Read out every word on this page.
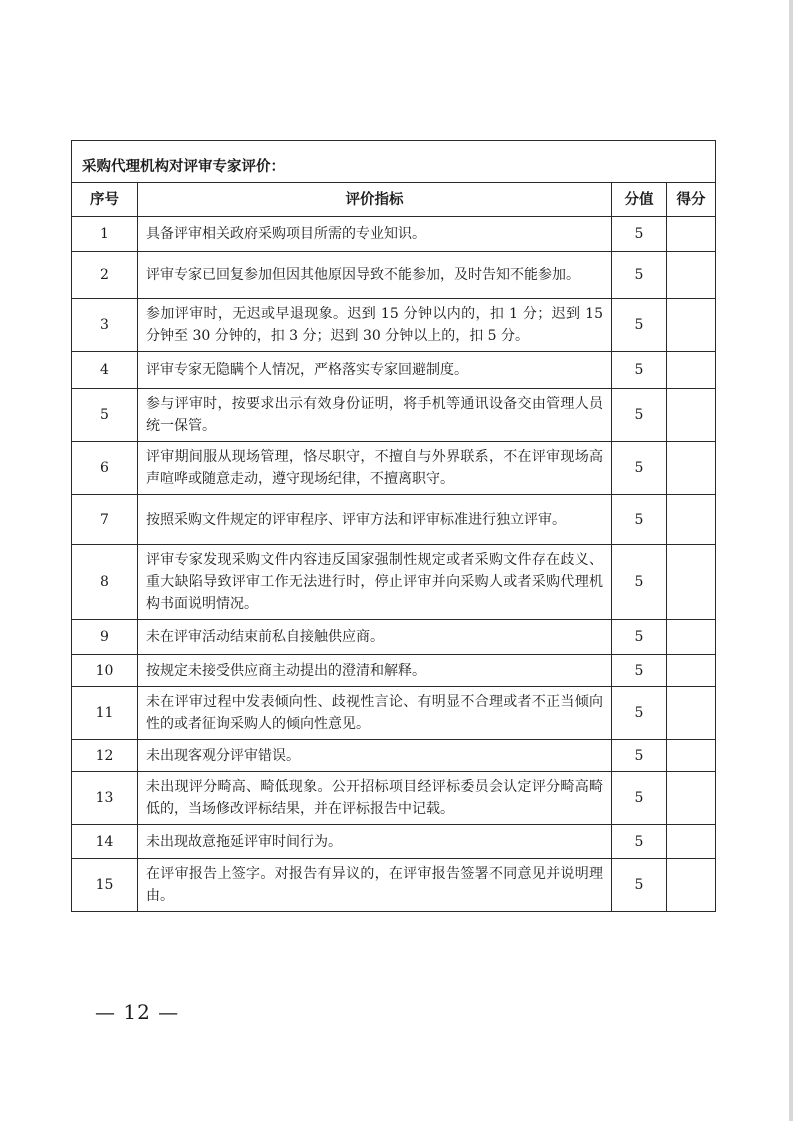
采购代理机构对评审专家评价：			
序号	评价指标	分值	得分
1	具备评审相关政府采购项目所需的专业知识。	5	
2	评审专家已回复参加但因其他原因导致不能参加，及时告知不能参加。	5	
3	参加评审时，无迟或早退现象。迟到 15 分钟以内的，扣 1 分；迟到 15 分钟至 30 分钟的，扣 3 分；迟到 30 分钟以上的，扣 5 分。	5	
4	评审专家无隐瞒个人情况，严格落实专家回避制度。	5	
5	参与评审时，按要求出示有效身份证明，将手机等通讯设备交由管理人员统一保管。	5	
6	评审期间服从现场管理，恪尽职守，不擅自与外界联系，不在评审现场高声喧哗或随意走动，遵守现场纪律，不擅离职守。	5	
7	按照采购文件规定的评审程序、评审方法和评审标准进行独立评审。	5	
8	评审专家发现采购文件内容违反国家强制性规定或者采购文件存在歧义、重大缺陷导致评审工作无法进行时，停止评审并向采购人或者采购代理机构书面说明情况。	5	
9	未在评审活动结束前私自接触供应商。	5	
10	按规定未接受供应商主动提出的澄清和解释。	5	
11	未在评审过程中发表倾向性、歧视性言论、有明显不合理或者不正当倾向性的或者征询采购人的倾向性意见。	5	
12	未出现客观分评审错误。	5	
13	未出现评分畸高、畸低现象。公开招标项目经评标委员会认定评分畸高畸低的，当场修改评标结果，并在评标报告中记载。	5	
14	未出现故意拖延评审时间行为。	5	
15	在评审报告上签字。对报告有异议的，在评审报告签署不同意见并说明理由。	5	
— 12 —
